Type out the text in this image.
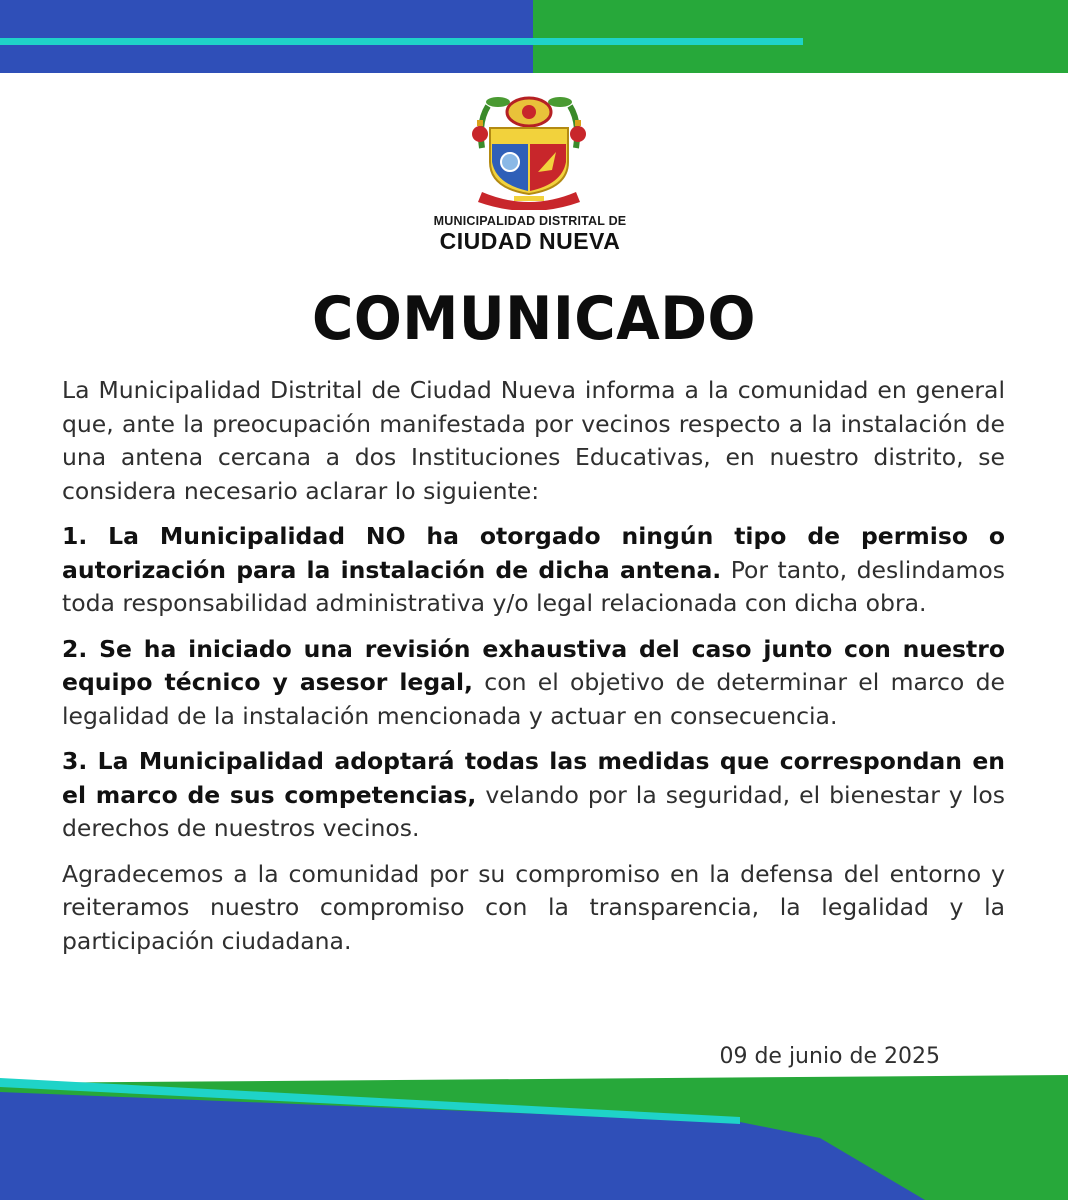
MUNICIPALIDAD DISTRITAL DE
CIUDAD NUEVA
COMUNICADO

La Municipalidad Distrital de Ciudad Nueva informa a la comunidad en general que, ante la preocupación manifestada por vecinos respecto a la instalación de una antena cercana a dos Instituciones Educativas, en nuestro distrito, se considera necesario aclarar lo siguiente:

1. La Municipalidad NO ha otorgado ningún tipo de permiso o autorización para la instalación de dicha antena. Por tanto, deslindamos toda responsabilidad administrativa y/o legal relacionada con dicha obra.

2. Se ha iniciado una revisión exhaustiva del caso junto con nuestro equipo técnico y asesor legal, con el objetivo de determinar el marco de legalidad de la instalación mencionada y actuar en consecuencia.

3. La Municipalidad adoptará todas las medidas que correspondan en el marco de sus competencias, velando por la seguridad, el bienestar y los derechos de nuestros vecinos.

Agradecemos a la comunidad por su compromiso en la defensa del entorno y reiteramos nuestro compromiso con la transparencia, la legalidad y la participación ciudadana.

09 de junio de 2025
